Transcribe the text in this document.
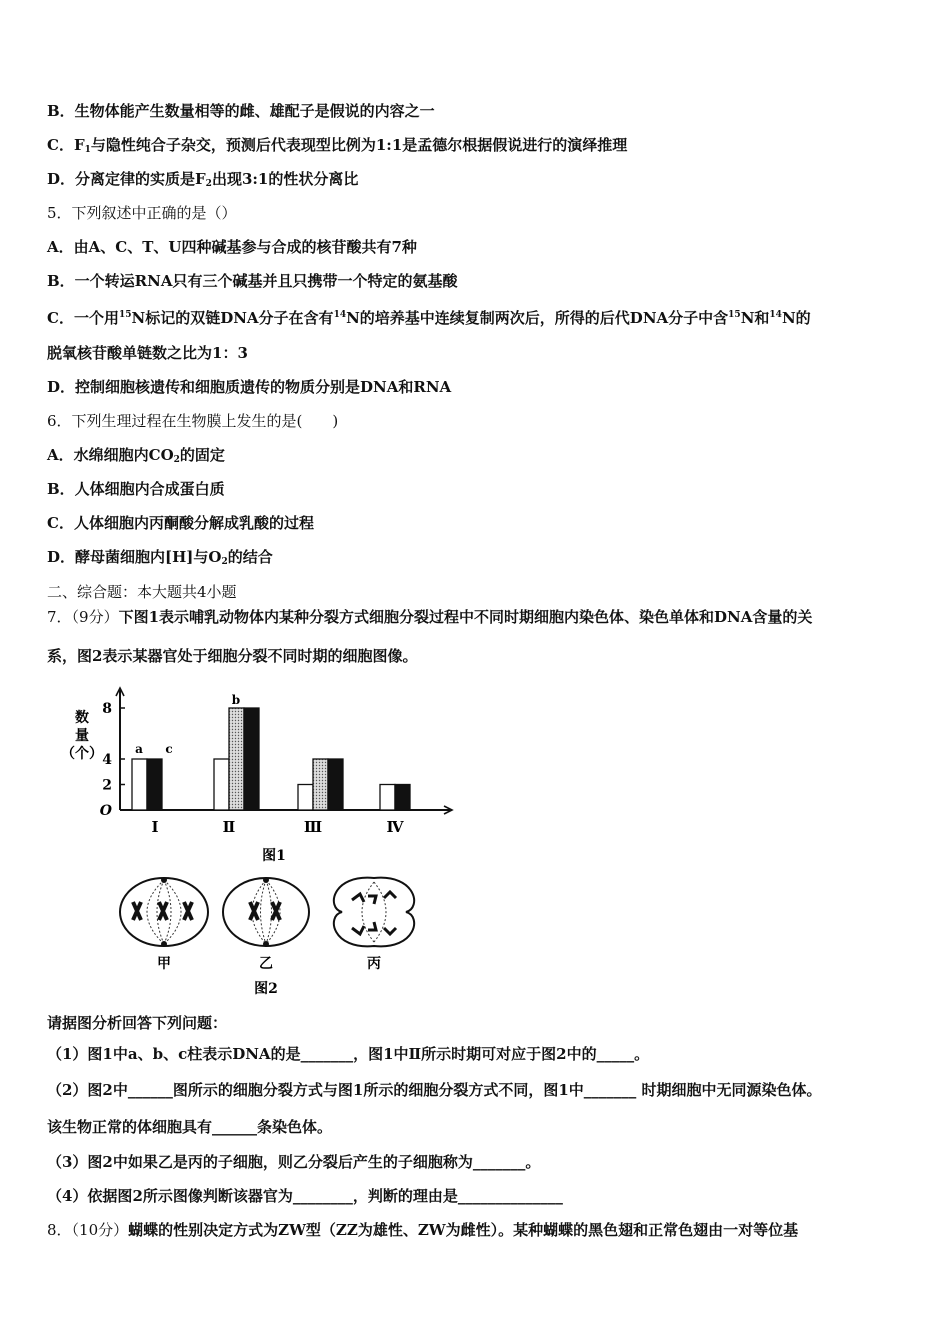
B．生物体能产生数量相等的雌、雄配子是假说的内容之一
C．$F_1$与隐性纯合子杂交，预测后代表现型比例为1:1是孟德尔根据假说进行的演绎推理
D．分离定律的实质是$F_2$出现3:1的性状分离比
5．下列叙述中正确的是（）
A．由A、C、T、U四种碱基参与合成的核苷酸共有7种
B．一个转运RNA只有三个碱基并且只携带一个特定的氨基酸
C．一个用$^{15}$N标记的双链DNA分子在含有$^{14}$N的培养基中连续复制两次后，所得的后代DNA分子中含$^{15}$N和$^{14}$N的
脱氧核苷酸单链数之比为1：3
D．控制细胞核遗传和细胞质遗传的物质分别是DNA和RNA
6．下列生理过程在生物膜上发生的是(　　)
A．水绵细胞内$CO_2$的固定
B．人体细胞内合成蛋白质
C．人体细胞内丙酮酸分解成乳酸的过程
D．酵母菌细胞内[H]与$O_2$的结合
二、综合题：本大题共4小题
7．（9分）下图1表示哺乳动物体内某种分裂方式细胞分裂过程中不同时期细胞内染色体、染色单体和DNA含量的关
系，图2表示某器官处于细胞分裂不同时期的细胞图像。
O
2
4
8
数
量
（个）
Ⅰ	Ⅱ	Ⅲ	Ⅳ
a
b
c
图1
甲	乙	丙
图2
请据图分析回答下列问题：
（1）图1中a、b、c柱表示DNA的是_______，图1中Ⅱ所示时期可对应于图2中的_____。
（2）图2中______图所示的细胞分裂方式与图1所示的细胞分裂方式不同，图1中_______ 时期细胞中无同源染色体。
该生物正常的体细胞具有______条染色体。
（3）图2中如果乙是丙的子细胞，则乙分裂后产生的子细胞称为_______。
（4）依据图2所示图像判断该器官为________，判断的理由是______________
8．（10分）蝴蝶的性别决定方式为ZW型（ZZ为雄性、ZW为雌性）。某种蝴蝶的黑色翅和正常色翅由一对等位基
